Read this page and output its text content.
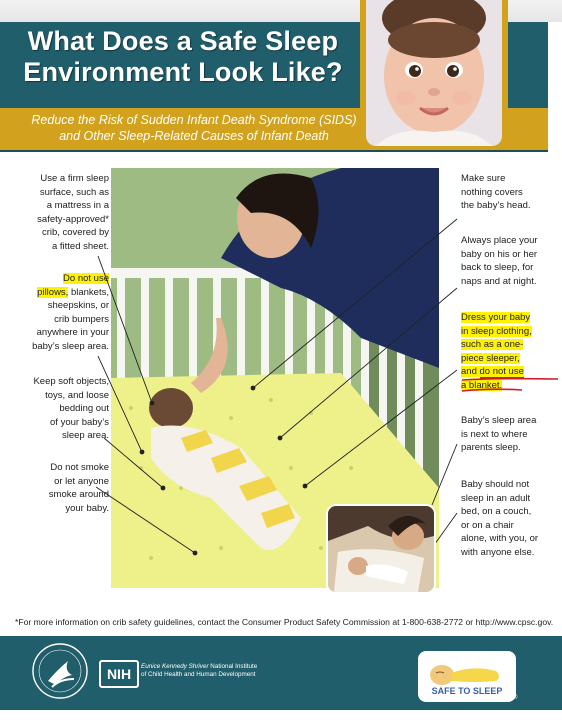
What Does a Safe Sleep
Environment Look Like?
Reduce the Risk of Sudden Infant Death Syndrome (SIDS)
and Other Sleep-Related Causes of Infant Death
Use a firm sleep
surface, such as
a mattress in a
safety-approved*
crib, covered by
a fitted sheet.
Do not use
pillows, blankets,
sheepskins, or
crib bumpers
anywhere in your
baby’s sleep area.
Keep soft objects,
toys, and loose
bedding out
of your baby’s
sleep area.
Do not smoke
or let anyone
smoke around
your baby.
Make sure
nothing covers
the baby’s head.
Always place your
baby on his or her
back to sleep, for
naps and at night.
Dress your baby
in sleep clothing,
such as a one-
piece sleeper,
and do not use
a blanket.
Baby’s sleep area
is next to where
parents sleep.
Baby should not
sleep in an adult
bed, on a couch,
or on a chair
alone, with you, or
with anyone else.
*For more information on crib safety guidelines, contact the Consumer Product Safety Commission at 1-800-638-2772 or http://www.cpsc.gov.
NIH	Eunice Kennedy Shriver National Institute
of Child Health and Human Development
SAFE TO SLEEP
®
